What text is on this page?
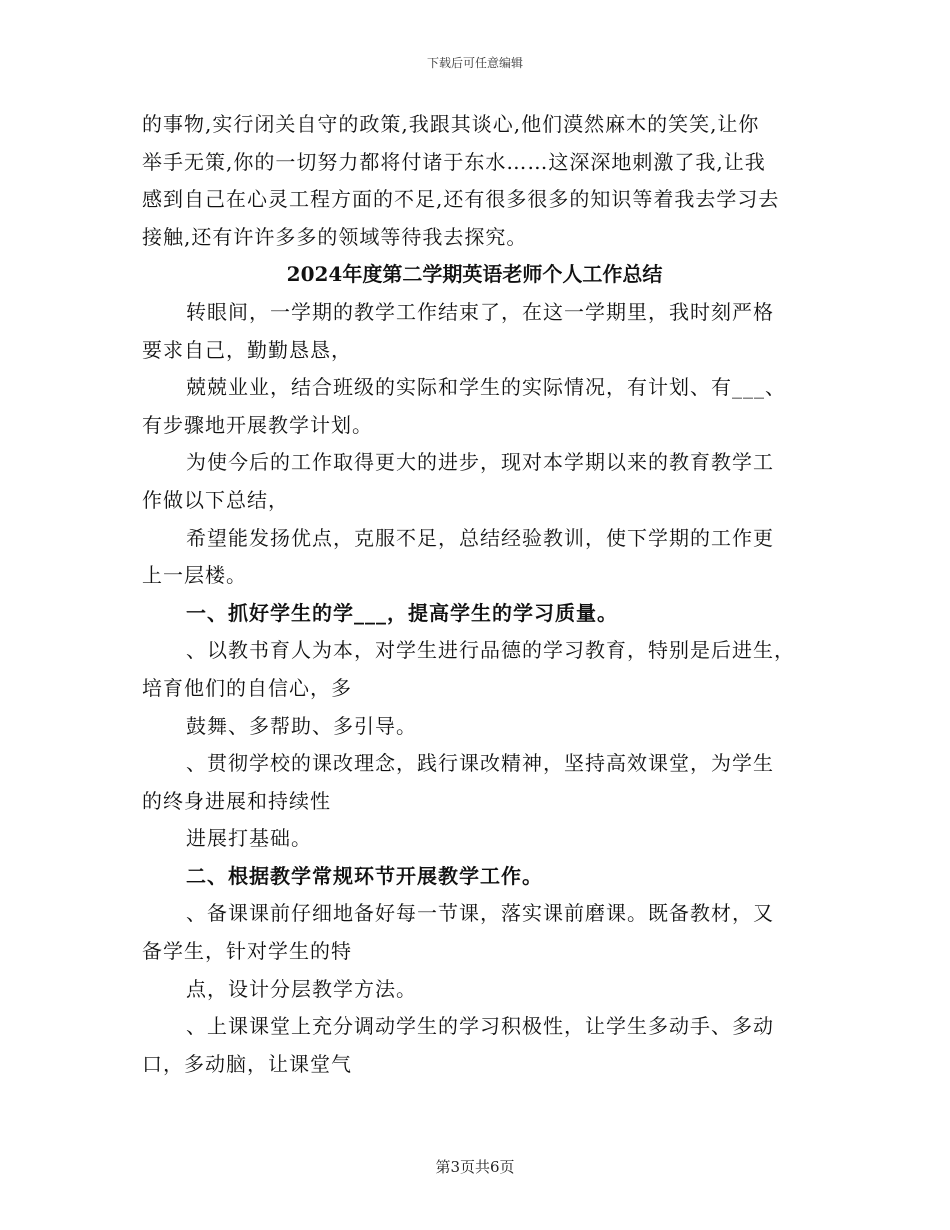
下载后可任意编辑
的事物,实行闭关自守的政策,我跟其谈心,他们漠然麻木的笑笑,让你
举手无策,你的一切努力都将付诸于东水……这深深地刺激了我,让我
感到自己在心灵工程方面的不足,还有很多很多的知识等着我去学习去
接触,还有许许多多的领域等待我去探究。
2024年度第二学期英语老师个人工作总结
转眼间，一学期的教学工作结束了，在这一学期里，我时刻严格
要求自己，勤勤恳恳，
兢兢业业，结合班级的实际和学生的实际情况，有计划、有___、
有步骤地开展教学计划。
为使今后的工作取得更大的进步，现对本学期以来的教育教学工
作做以下总结，
希望能发扬优点，克服不足，总结经验教训，使下学期的工作更
上一层楼。
一、抓好学生的学___，提高学生的学习质量。
、以教书育人为本，对学生进行品德的学习教育，特别是后进生，
培育他们的自信心，多
鼓舞、多帮助、多引导。
、贯彻学校的课改理念，践行课改精神，坚持高效课堂，为学生
的终身进展和持续性
进展打基础。
二、根据教学常规环节开展教学工作。
、备课课前仔细地备好每一节课，落实课前磨课。既备教材，又
备学生，针对学生的特
点，设计分层教学方法。
、上课课堂上充分调动学生的学习积极性，让学生多动手、多动
口，多动脑，让课堂气
第3页共6页
